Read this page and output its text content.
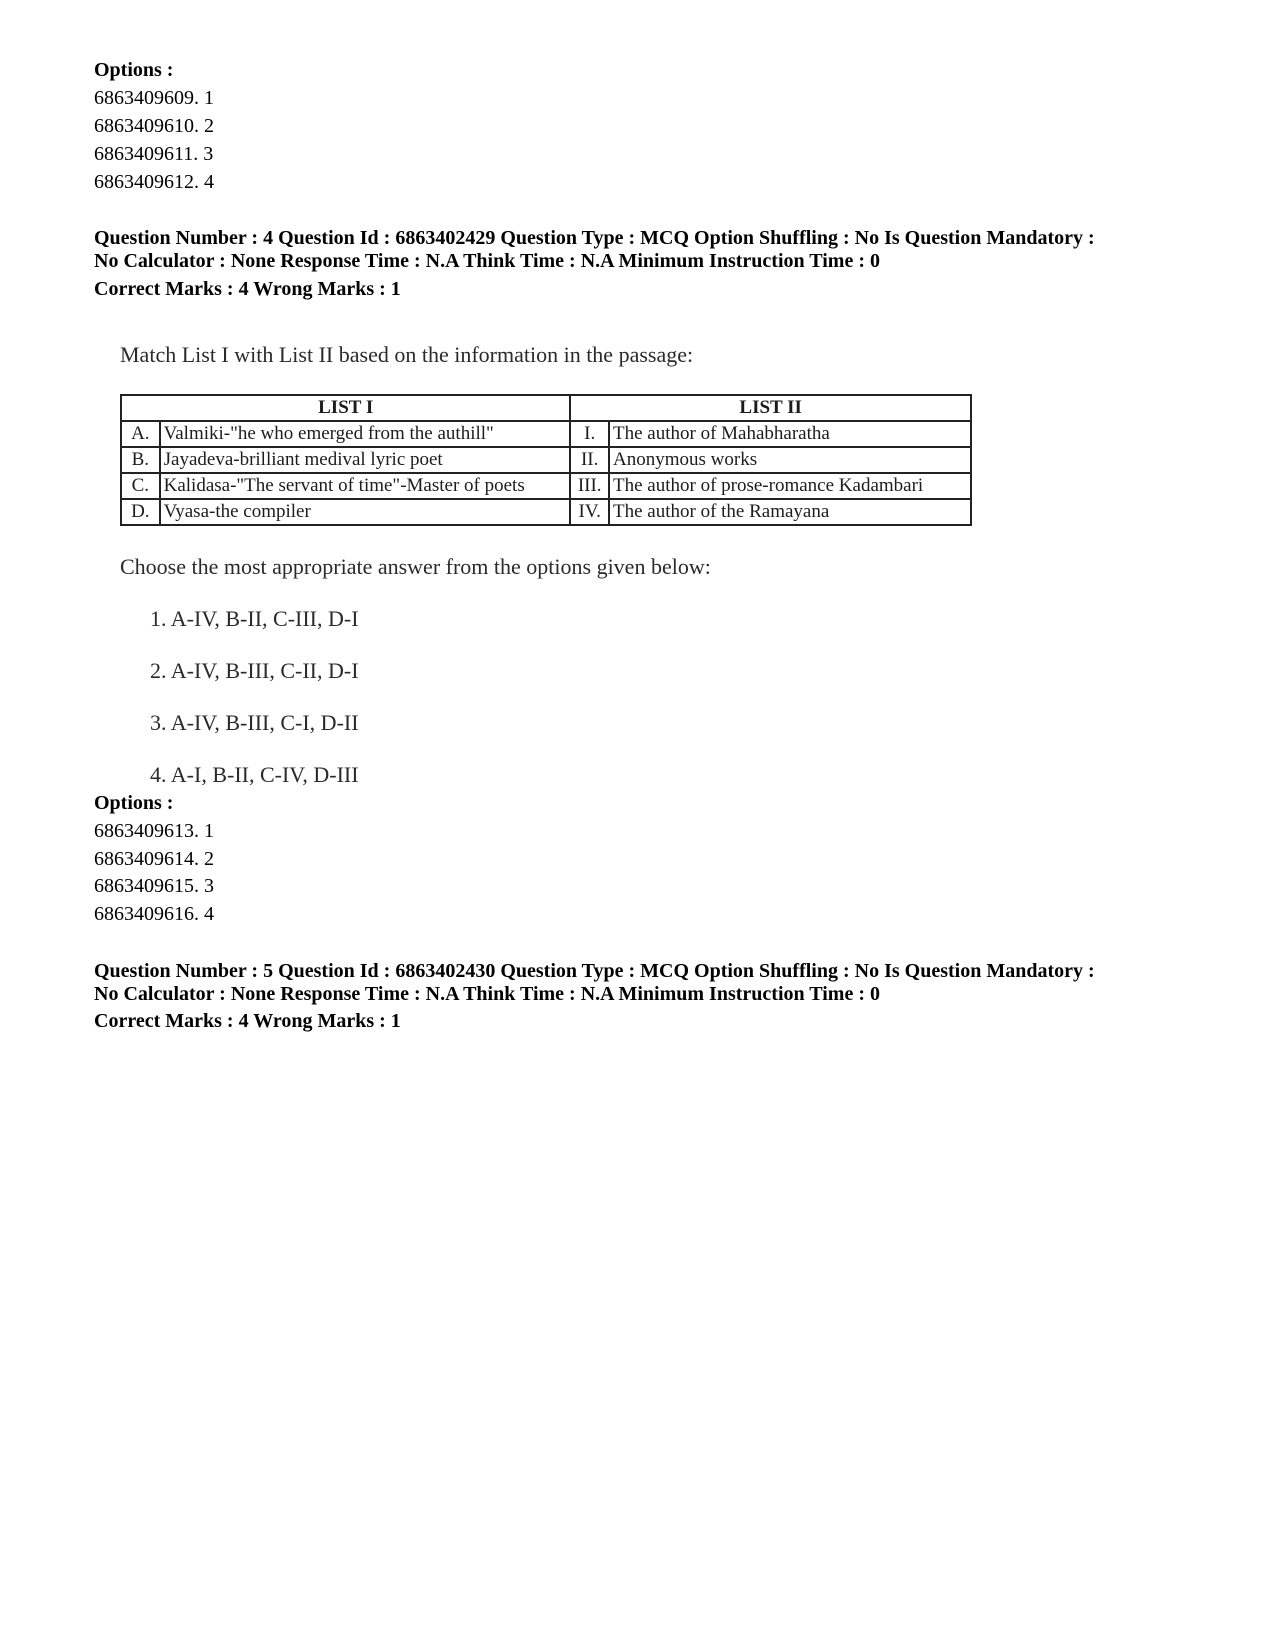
Options :
6863409609. 1
6863409610. 2
6863409611. 3
6863409612. 4
Question Number : 4 Question Id : 6863402429 Question Type : MCQ Option Shuffling : No Is Question Mandatory :
No Calculator : None Response Time : N.A Think Time : N.A Minimum Instruction Time : 0
Correct Marks : 4 Wrong Marks : 1
Match List I with List II based on the information in the passage:
LIST I		LIST II	
A.	Valmiki-"he who emerged from the authill"	I.	The author of Mahabharatha
B.	Jayadeva-brilliant medival lyric poet	II.	Anonymous works
C.	Kalidasa-"The servant of time"-Master of poets	III.	The author of prose-romance Kadambari
D.	Vyasa-the compiler	IV.	The author of the Ramayana
Choose the most appropriate answer from the options given below:
1. A-IV, B-II, C-III, D-I
2. A-IV, B-III, C-II, D-I
3. A-IV, B-III, C-I, D-II
4. A-I, B-II, C-IV, D-III
Options :
6863409613. 1
6863409614. 2
6863409615. 3
6863409616. 4
Question Number : 5 Question Id : 6863402430 Question Type : MCQ Option Shuffling : No Is Question Mandatory :
No Calculator : None Response Time : N.A Think Time : N.A Minimum Instruction Time : 0
Correct Marks : 4 Wrong Marks : 1
